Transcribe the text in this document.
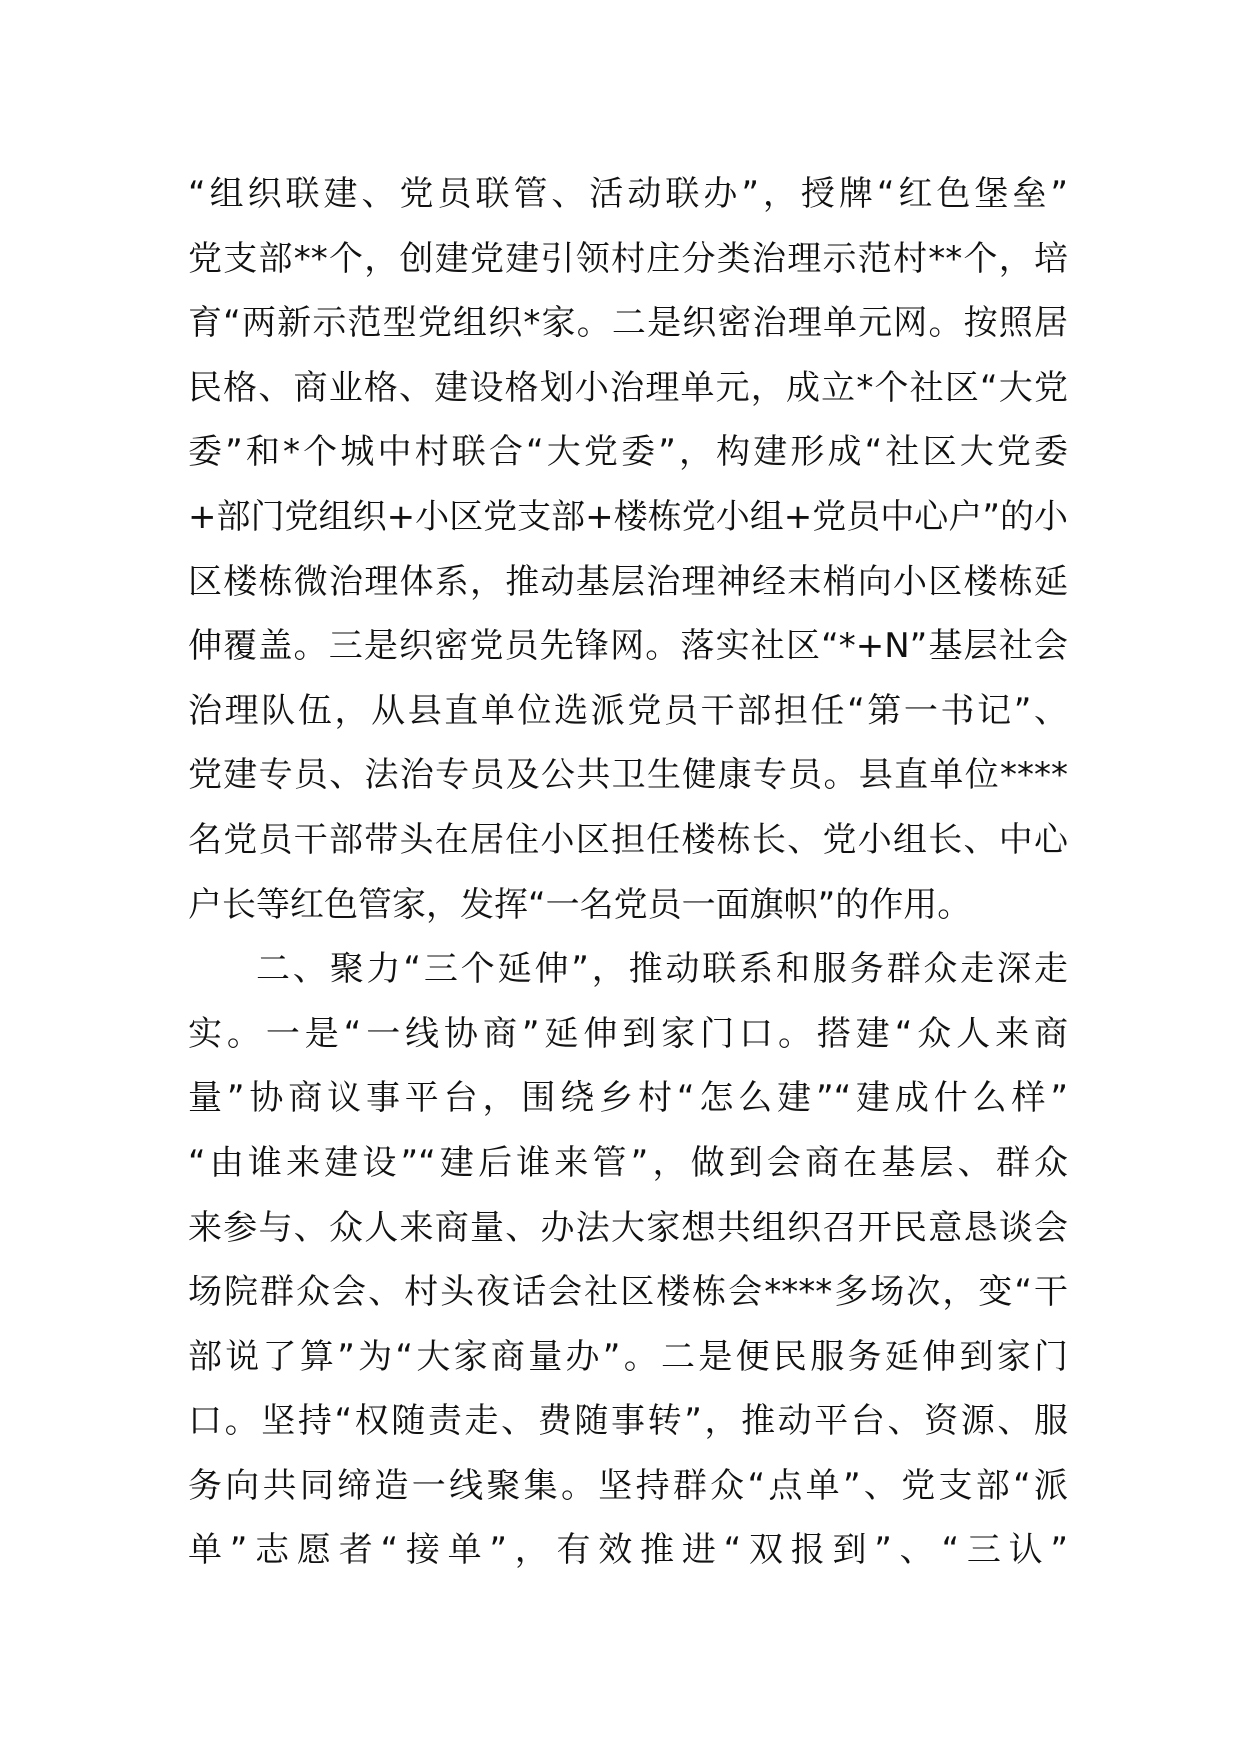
“组织联建、党员联管、活动联办”，授牌“红色堡垒”
党支部**个，创建党建引领村庄分类治理示范村**个，培
育“两新示范型党组织*家。二是织密治理单元网。按照居
民格、商业格、建设格划小治理单元，成立*个社区“大党
委”和*个城中村联合“大党委”，构建形成“社区大党委
+部门党组织+小区党支部+楼栋党小组+党员中心户”的小
区楼栋微治理体系，推动基层治理神经末梢向小区楼栋延
伸覆盖。三是织密党员先锋网。落实社区“*+N”基层社会
治理队伍，从县直单位选派党员干部担任“第一书记”、
党建专员、法治专员及公共卫生健康专员。县直单位****
名党员干部带头在居住小区担任楼栋长、党小组长、中心
户长等红色管家，发挥“一名党员一面旗帜”的作用。
二、聚力“三个延伸”，推动联系和服务群众走深走
实。一是“一线协商”延伸到家门口。搭建“众人来商
量”协商议事平台，围绕乡村“怎么建”“建成什么样”
“由谁来建设”“建后谁来管”，做到会商在基层、群众
来参与、众人来商量、办法大家想共组织召开民意恳谈会
场院群众会、村头夜话会社区楼栋会****多场次，变“干
部说了算”为“大家商量办”。二是便民服务延伸到家门
口。坚持“权随责走、费随事转”，推动平台、资源、服
务向共同缔造一线聚集。坚持群众“点单”、党支部“派
单”志愿者“接单”，有效推进“双报到”、“三认”
